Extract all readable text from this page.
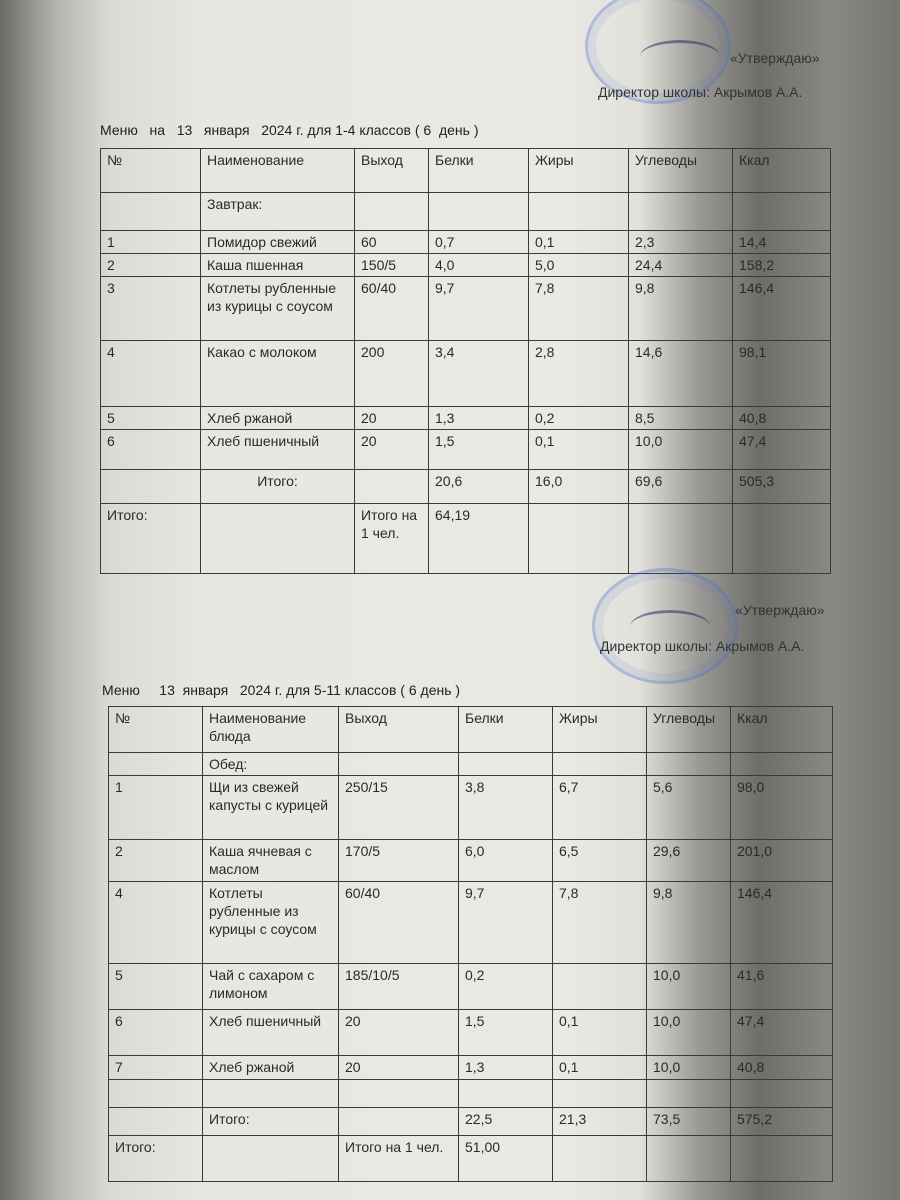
«Утверждаю»
Директор школы: Акрымов А.А.
Меню   на   13   января   2024 г. для 1-4 классов ( 6  день )
№	Наименование	Выход	Белки	Жиры	Углеводы	Ккал
	Завтрак:					
1	Помидор свежий	60	0,7	0,1	2,3	14,4
2	Каша пшенная	150/5	4,0	5,0	24,4	158,2
3	Котлеты рубленные из курицы с соусом	60/40	9,7	7,8	9,8	146,4
4	Какао с молоком	200	3,4	2,8	14,6	98,1
5	Хлеб ржаной	20	1,3	0,2	8,5	40,8
6	Хлеб пшеничный	20	1,5	0,1	10,0	47,4
	Итого:		20,6	16,0	69,6	505,3
Итого:		Итого на 1 чел.	64,19			
«Утверждаю»
Директор школы: Акрымов А.А.
Меню     13  января   2024 г. для 5-11 классов ( 6 день )
№	Наименование блюда	Выход	Белки	Жиры	Углеводы	Ккал
	Обед:					
1	Щи из свежей капусты с курицей	250/15	3,8	6,7	5,6	98,0
2	Каша ячневая с маслом	170/5	6,0	6,5	29,6	201,0
4	Котлеты рубленные из курицы с соусом	60/40	9,7	7,8	9,8	146,4
5	Чай с сахаром с лимоном	185/10/5	0,2		10,0	41,6
6	Хлеб пшеничный	20	1,5	0,1	10,0	47,4
7	Хлеб ржаной	20	1,3	0,1	10,0	40,8

	Итого:		22,5	21,3	73,5	575,2
Итого:		Итого на 1 чел.	51,00			
